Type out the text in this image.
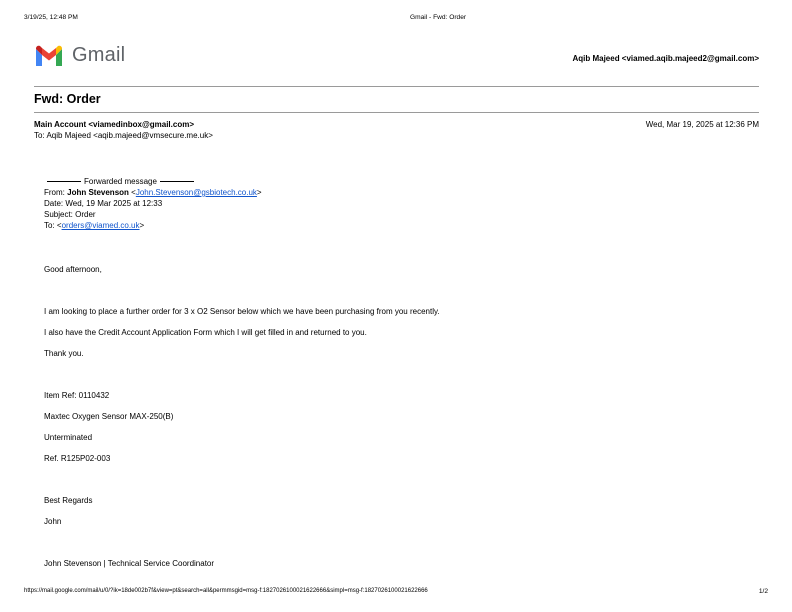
3/19/25, 12:48 PM	Gmail - Fwd: Order
Gmail	Aqib Majeed <viamed.aqib.majeed2@gmail.com>
Fwd: Order
Main Account <viamedinbox@gmail.com>
To: Aqib Majeed <aqib.majeed@vmsecure.me.uk>
Wed, Mar 19, 2025 at 12:36 PM
Forwarded message
From: John Stevenson <John.Stevenson@gsbiotech.co.uk>
Date: Wed, 19 Mar 2025 at 12:33
Subject: Order
To: <orders@viamed.co.uk>
Good afternoon,
I am looking to place a further order for 3 x O2 Sensor below which we have been purchasing from you recently.
I also have the Credit Account Application Form which I will get filled in and returned to you.
Thank you.
Item Ref: 0110432
Maxtec Oxygen Sensor MAX-250(B)
Unterminated
Ref. R125P02-003
Best Regards
John
John Stevenson | Technical Service Coordinator
https://mail.google.com/mail/u/0/?ik=18de002b7f&view=pt&search=all&permmsgid=msg-f:1827026100021622666&simpl=msg-f:1827026100021622666	1/2
